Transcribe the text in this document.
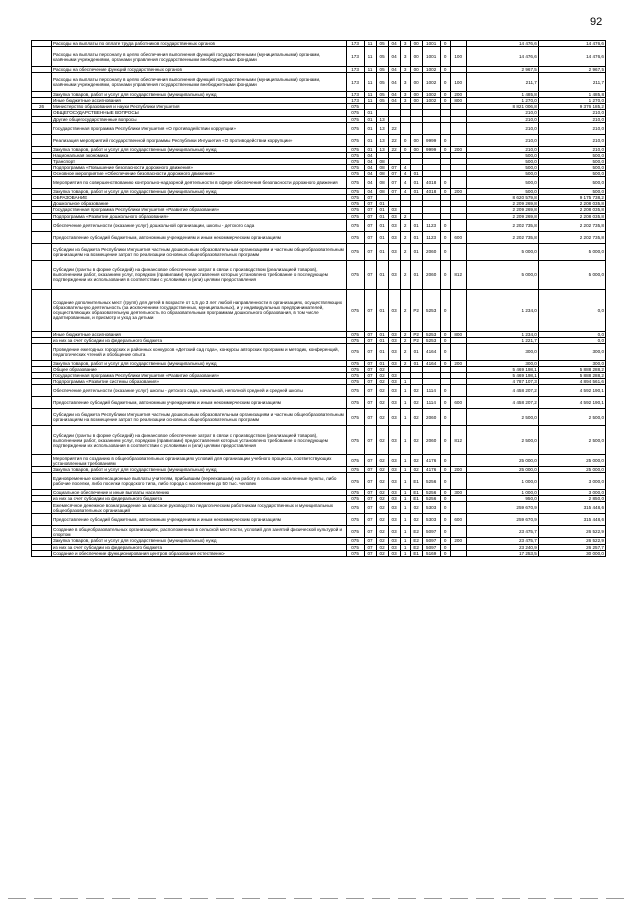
92
	Расходы на выплаты по оплате труда работников государственных органов	173	11	05	04	3	00	1001	0		14 476,6	14 476,6
	Расходы на выплаты персоналу в целях обеспечения выполнения функций государственными (муниципальными) органами, казёнными учреждениями, органами управления государственными внебюджетными фондами	173	11	05	04	3	00	1001	0	100	14 476,6	14 476,6
	Расходы на обеспечение функций государственных органов	173	11	05	04	3	00	1002	0		2 967,5	2 967,5
	Расходы на выплаты персоналу в целях обеспечения выполнения функций государственными (муниципальными) органами, казёнными учреждениями, органами управления государственными внебюджетными фондами	173	11	05	04	3	00	1002	0	100	211,7	211,7
	Закупка товаров, работ и услуг для государственных (муниципальных) нужд	173	11	05	04	3	00	1002	0	200	1 485,8	1 485,8
	Иные бюджетные ассигнования	173	11	05	04	3	00	1002	0	800	1 270,0	1 270,0
26	Министерство образования и науки Республики Ингушетия	075									8 821 006,8	9 376 185,2
	ОБЩЕГОСУДАРСТВЕННЫЕ ВОПРОСЫ	075	01								210,0	210,0
	Другие общегосударственные вопросы	075	01	13							210,0	210,0
	Государственная программа Республики Ингушетия «О противодействии коррупции»	075	01	13	22						210,0	210,0
	Реализация мероприятий государственной программы Республики Ингушетия «О противодействии коррупции»	075	01	13	22	0	00	9999	0		210,0	210,0
	Закупка товаров, работ и услуг для государственных (муниципальных) нужд	075	01	13	22	0	00	9999	0	200	210,0	210,0
	Национальная экономика	075	04								500,0	500,0
	Транспорт	075	04	08							500,0	500,0
	Подпрограмма «Повышение безопасности дорожного движения»	075	04	08	07	4					500,0	500,0
	Основное мероприятие «Обеспечение безопасности дорожного движения»	075	04	08	07	4	01				500,0	500,0
	Мероприятия по совершенствованию контрольно-надзорной деятельности в сфере обеспечения безопасности дорожного движения	075	04	08	07	4	01	4018	0		500,0	500,0
	Закупка товаров, работ и услуг для государственных (муниципальных) нужд	075	04	08	07	4	01	4018	0	200	500,0	500,0
	ОБРАЗОВАНИЕ	075	07								8 620 579,8	9 175 738,2
	Дошкольное образование	075	07	01							2 209 269,8	2 208 035,8
	Государственная программа Республики Ингушетия «Развитие образования»	075	07	01	03						2 209 269,8	2 208 035,8
	Подпрограмма «Развитие дошкольного образования»	075	07	01	03	2					2 209 269,8	2 208 035,8
	Обеспечение деятельности (оказание услуг) дошкольной организации, школы - детского сада	075	07	01	03	2	01	1123	0		2 202 735,8	2 202 735,8
	Предоставление субсидий бюджетным, автономным учреждениям и иным некоммерческим организациям	075	07	01	03	2	01	1123	0	600	2 202 735,8	2 202 735,8
	Субсидии из бюджета Республики Ингушетия частным дошкольным образовательным организациям и частным общеобразовательным организациям на возмещение затрат по реализации основных общеобразовательных программ	075	07	01	03	2	01	2060	0		5 000,0	5 000,0
	Субсидии (гранты в форме субсидий) на финансовое обеспечение затрат в связи с производством (реализацией товаров), выполнением работ, оказанием услуг, порядком (правилами) предоставления которых установлено требование о последующем подтверждении их использования в соответствии с условиями и (или) целями предоставления	075	07	01	03	2	01	2060	0	812	5 000,0	5 000,0
	Создание дополнительных мест (групп) для детей в возрасте от 1,5 до 3 лет любой направленности в организациях, осуществляющих образовательную деятельность (за исключением государственных, муниципальных), и у индивидуальных предпринимателей, осуществляющих образовательную деятельность по образовательным программам дошкольного образования, в том числе адаптированным, и присмотр и уход за детьми	075	07	01	03	2	P2	5253	0		1 234,0	0,0
	Иные бюджетные ассигнования	075	07	01	03	2	P2	5253	0	800	1 234,0	0,0
	из них за счет субсидии из федерального бюджета	075	07	01	03	2	P2	5253	0		1 221,7	0,0
	Проведение ежегодных городских и районных конкурсов «Детский сад года», конкурсы авторских программ и методик, конференций, педагогических чтений и обобщение опыта	075	07	01	03	2	01	4164	0		300,0	300,0
	Закупка товаров, работ и услуг для государственных (муниципальных) нужд	075	07	01	03	2	01	4164	0	200	300,0	300,0
	Общее образование	075	07	02							5 469 198,1	5 888 288,2
	Государственная программа Республики Ингушетия «Развитие образования»	075	07	02	03						5 469 198,1	5 888 288,2
	Подпрограмма «Развитие системы образования»	075	07	02	03	1					4 787 107,3	4 894 561,6
	Обеспечение деятельности (оказание услуг) школы - детского сада, начальной, неполной средней и средней школы	075	07	02	03	1	02	1114	0		4 458 207,2	4 592 190,1
	Предоставление субсидий бюджетным, автономным учреждениям и иным некоммерческим организациям	075	07	02	03	1	02	1114	0	600	4 458 207,2	4 592 190,1
	Субсидии из бюджета Республики Ингушетия частным дошкольным образовательным организациям и частным общеобразовательным организациям на возмещение затрат по реализации основных общеобразовательных программ	075	07	02	03	1	02	2060	0		2 500,0	2 500,0
	Субсидии (гранты в форме субсидий) на финансовое обеспечение затрат в связи с производством (реализацией товаров), выполнением работ, оказанием услуг, порядком (правилами) предоставления которых установлено требование о последующем подтверждении их использования в соответствии с условиями и (или) целями предоставления	075	07	02	03	1	02	2060	0	812	2 500,0	2 500,0
	Мероприятия по созданию в общеобразовательных организациях условий для организации учебного процесса, соответствующих установленным требованиям	075	07	02	03	1	02	4176	0		25 000,0	25 000,0
	Закупка товаров, работ и услуг для государственных (муниципальных) нужд	075	07	02	03	1	02	4176	0	200	25 000,0	25 000,0
	Единовременные компенсационные выплаты учителям, прибывшим (переехавшим) на работу в сельские населенные пункты, либо рабочие поселки, либо поселки городского типа, либо города с населением до 50 тыс. человек	075	07	02	03	1	E1	5256	0		1 000,0	3 000,0
	Социальное обеспечение и иные выплаты населению	075	07	02	03	1	E1	5256	0	300	1 000,0	3 000,0
	из них за счет субсидии из федерального бюджета	075	07	02	03	1	E1	5256	0		950,0	2 850,0
	Ежемесячное денежное вознаграждение за классное руководство педагогическим работникам государственных и муниципальных общеобразовательных организаций	075	07	02	03	1	02	5303	0		259 670,9	315 448,6
	Предоставление субсидий бюджетным, автономным учреждениям и иным некоммерческим организациям	075	07	02	03	1	02	5303	0	600	259 670,9	315 448,6
	Создание в общеобразовательных организациях, расположенных в сельской местности, условий для занятий физической культурой и спортом	075	07	02	03	1	E2	5097	0		23 475,7	26 522,9
	Закупка товаров, работ и услуг для государственных (муниципальных) нужд	075	07	02	03	1	E2	5097	0	200	23 475,7	26 522,9
	из них за счет субсидии из федерального бюджета	075	07	02	03	1	E2	5097	0		23 240,9	26 257,7
	Создание и обеспечение функционирования центров образования естественно-	075	07	02	03	1	E1	5169	0		17 253,5	30 000,0
